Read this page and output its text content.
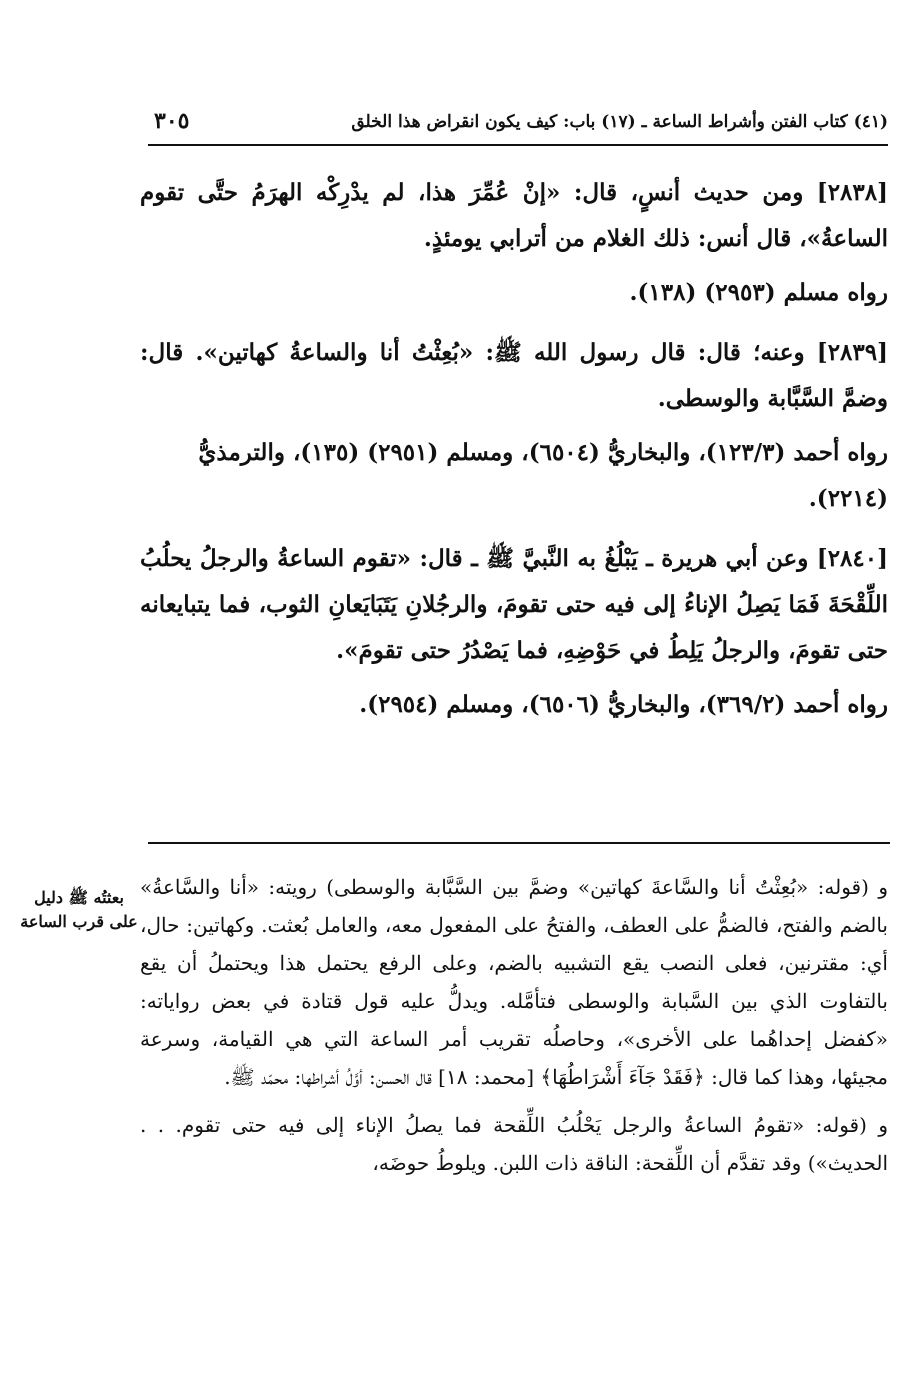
(٤١) كتاب الفتن وأشراط الساعة ـ (١٧) باب: كيف يكون انقراض هذا الخلق
٣٠٥

[٢٨٣٨] ومن حديث أنسٍ، قال: «إنْ عُمِّرَ هذا، لم يدْرِكْه الهرَمُ حتَّى تقوم الساعةُ»، قال أنس: ذلك الغلام من أترابي يومئذٍ.

رواه مسلم (٢٩٥٣) (١٣٨).

[٢٨٣٩] وعنه؛ قال: قال رسول الله ﷺ: «بُعِثْتُ أنا والساعةُ كهاتين». قال: وضمَّ السَّبَّابة والوسطى.

رواه أحمد (١٢٣/٣)، والبخاريُّ (٦٥٠٤)، ومسلم (٢٩٥١) (١٣٥)، والترمذيُّ (٢٢١٤).

[٢٨٤٠] وعن أبي هريرة ـ يَبْلُغُ به النَّبيَّ ﷺ ـ قال: «تقوم الساعةُ والرجلُ يحلُبُ اللِّقْحَةَ فَمَا يَصِلُ الإناءُ إلى فيه حتى تقومَ، والرجُلانِ يَتَبَايَعانِ الثوب، فما يتبايعانه حتى تقومَ، والرجلُ يَلِطُ في حَوْضِهِ، فما يَصْدُرُ حتى تقومَ».

رواه أحمد (٣٦٩/٢)، والبخاريُّ (٦٥٠٦)، ومسلم (٢٩٥٤).

و (قوله: «بُعِثْتُ أنا والسَّاعةَ كهاتين» وضمَّ بين السَّبَّابة والوسطى) رويته: «أنا والسَّاعةُ» بالضم والفتح، فالضمُّ على العطف، والفتحُ على المفعول معه، والعامل بُعثت. وكهاتين: حال، أي: مقترنين، فعلى النصب يقع التشبيه بالضم، وعلى الرفع يحتمل هذا ويحتملُ أن يقع بالتفاوت الذي بين السَّبابة والوسطى فتأمَّله. ويدلُّ عليه قول قتادة في بعض رواياته: «كفضل إحداهُما على الأخرى»، وحاصلُه تقريب أمر الساعة التي هي القيامة، وسرعة مجيئها، وهذا كما قال: ﴿فَقَدْ جَآءَ أَشْرَاطُهَا﴾ [محمد: ١٨] قال الحسن: أوَّلُ أشراطها: محمّد ﷺ.

و (قوله: «تقومُ الساعةُ والرجل يَحْلُبُ اللِّقحة فما يصلُ الإناء إلى فيه حتى تقوم. . . الحديث») وقد تقدَّم أن اللِّقحة: الناقة ذات اللبن. ويلوطُ حوضَه،

بعثتُه ﷺ دليل على قرب الساعة
